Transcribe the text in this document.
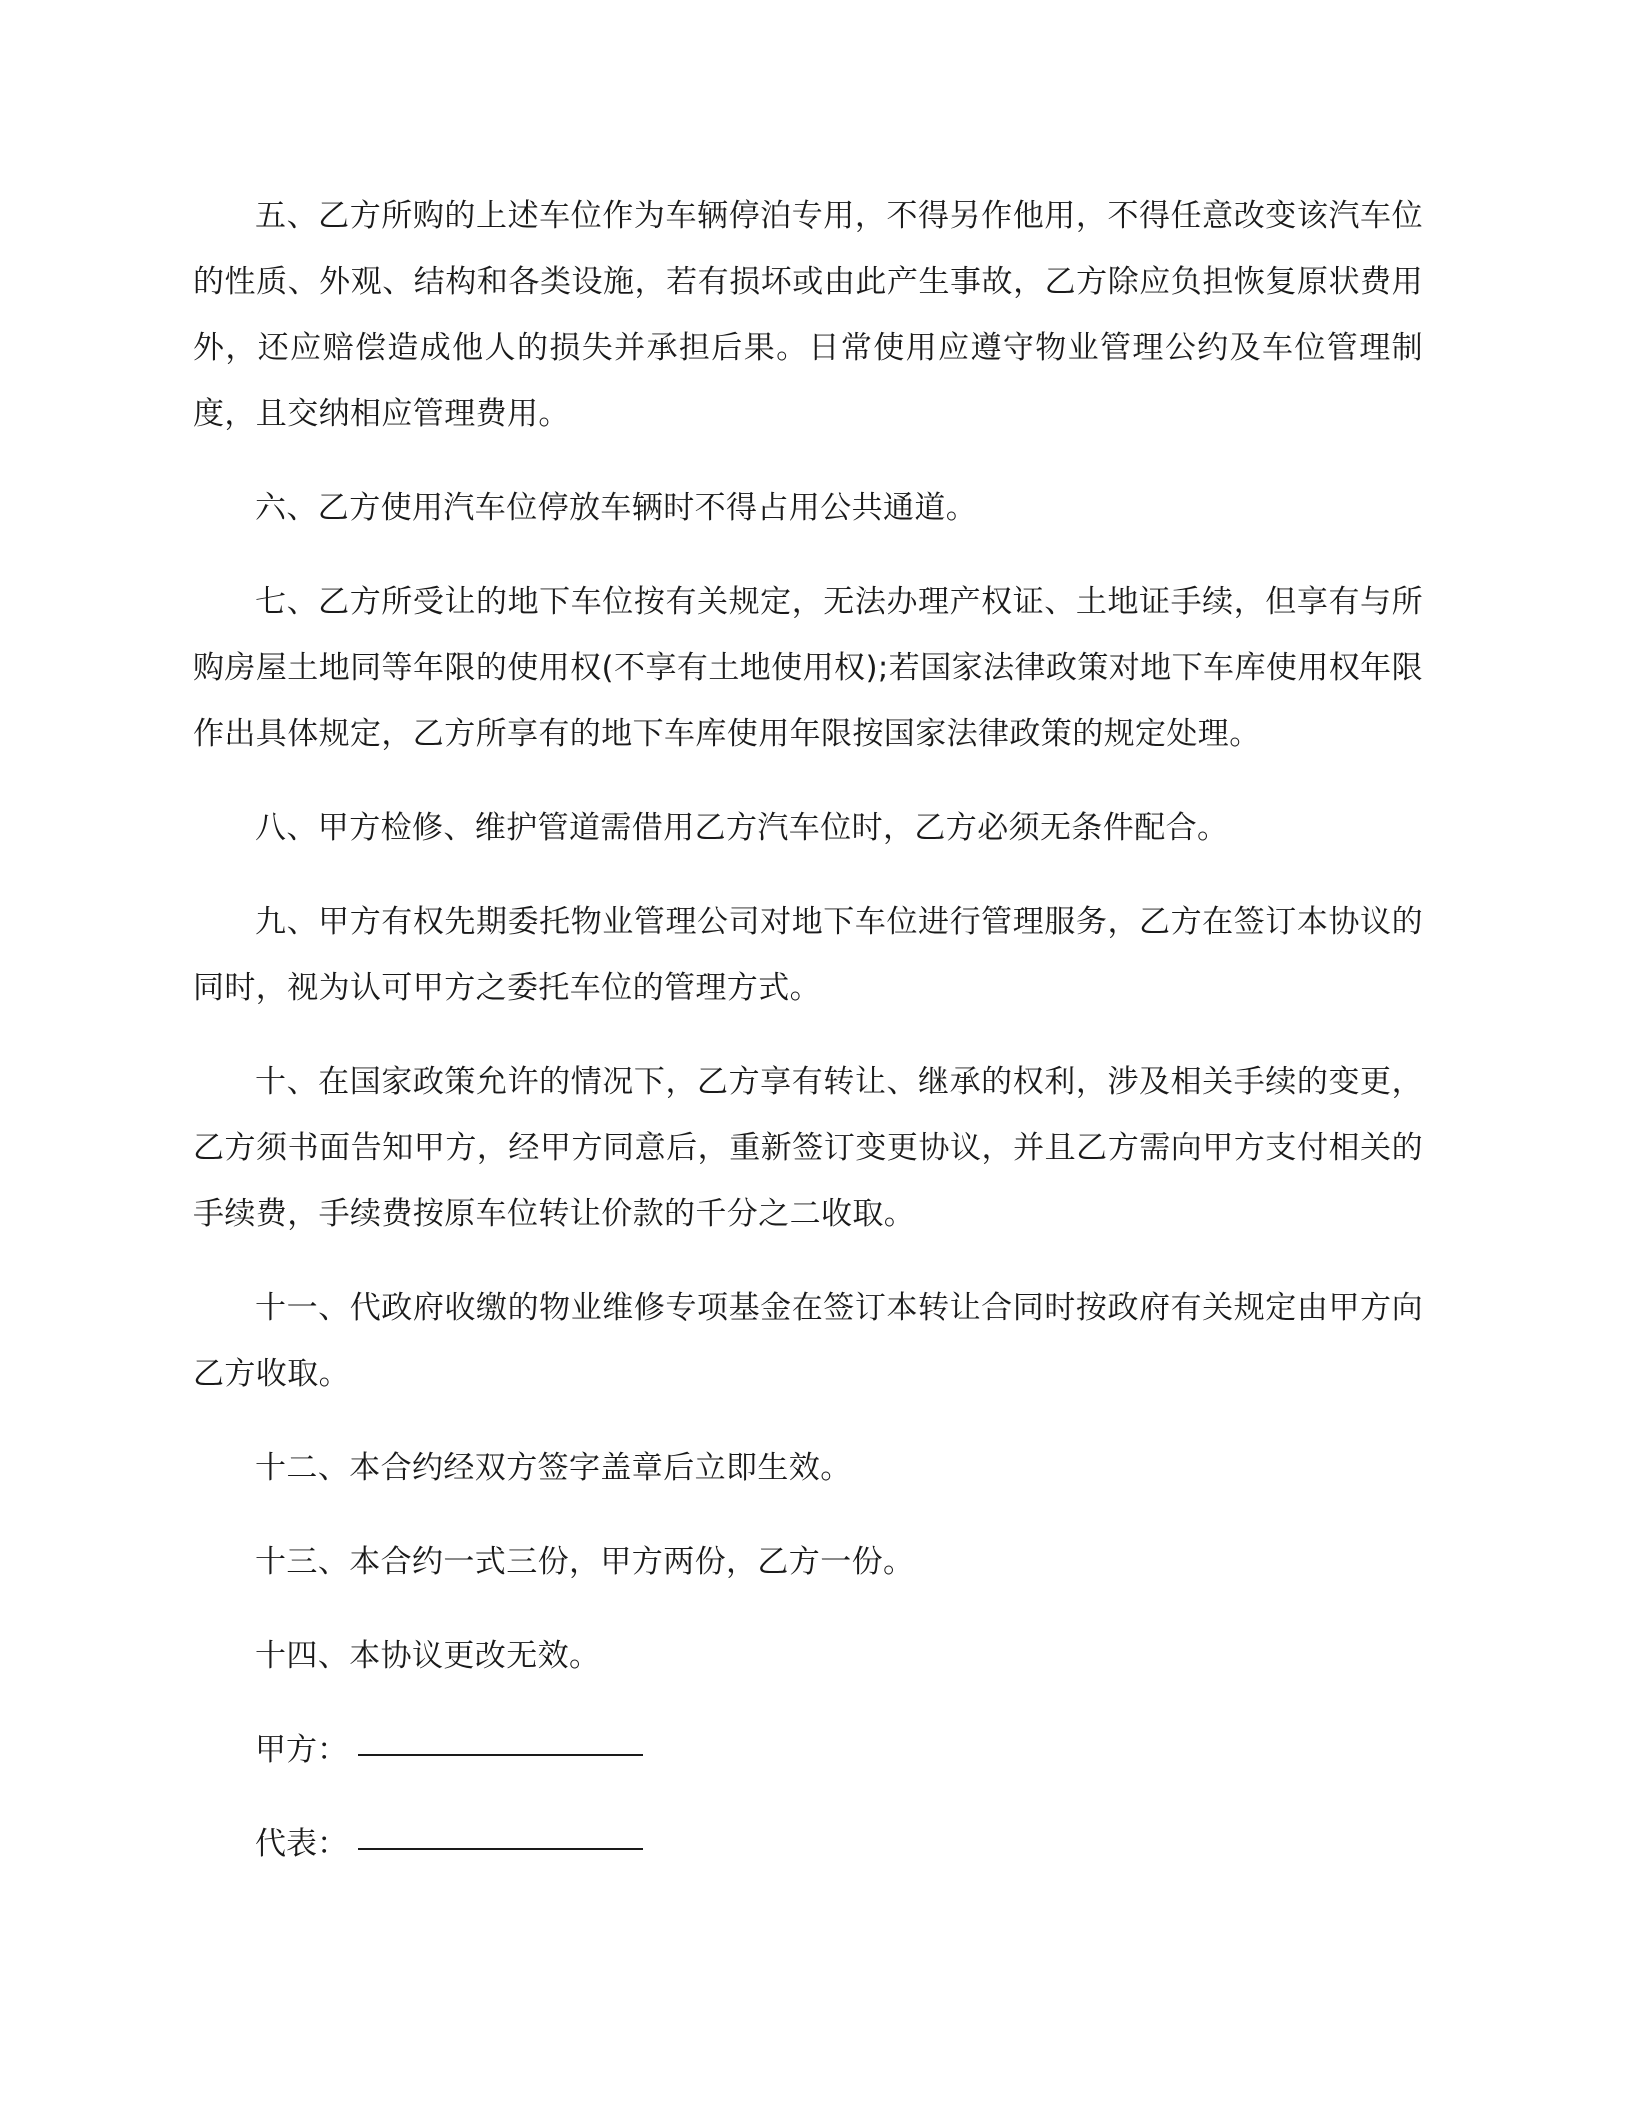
五、乙方所购的上述车位作为车辆停泊专用，不得另作他用，不得任意改变该汽车位的性质、外观、结构和各类设施，若有损坏或由此产生事故，乙方除应负担恢复原状费用外，还应赔偿造成他人的损失并承担后果。日常使用应遵守物业管理公约及车位管理制度，且交纳相应管理费用。

六、乙方使用汽车位停放车辆时不得占用公共通道。

七、乙方所受让的地下车位按有关规定，无法办理产权证、土地证手续，但享有与所购房屋土地同等年限的使用权(不享有土地使用权);若国家法律政策对地下车库使用权年限作出具体规定，乙方所享有的地下车库使用年限按国家法律政策的规定处理。

八、甲方检修、维护管道需借用乙方汽车位时，乙方必须无条件配合。

九、甲方有权先期委托物业管理公司对地下车位进行管理服务，乙方在签订本协议的同时，视为认可甲方之委托车位的管理方式。

十、在国家政策允许的情况下，乙方享有转让、继承的权利，涉及相关手续的变更，乙方须书面告知甲方，经甲方同意后，重新签订变更协议，并且乙方需向甲方支付相关的手续费，手续费按原车位转让价款的千分之二收取。

十一、代政府收缴的物业维修专项基金在签订本转让合同时按政府有关规定由甲方向乙方收取。

十二、本合约经双方签字盖章后立即生效。

十三、本合约一式三份，甲方两份，乙方一份。

十四、本协议更改无效。

甲方：
代表：
